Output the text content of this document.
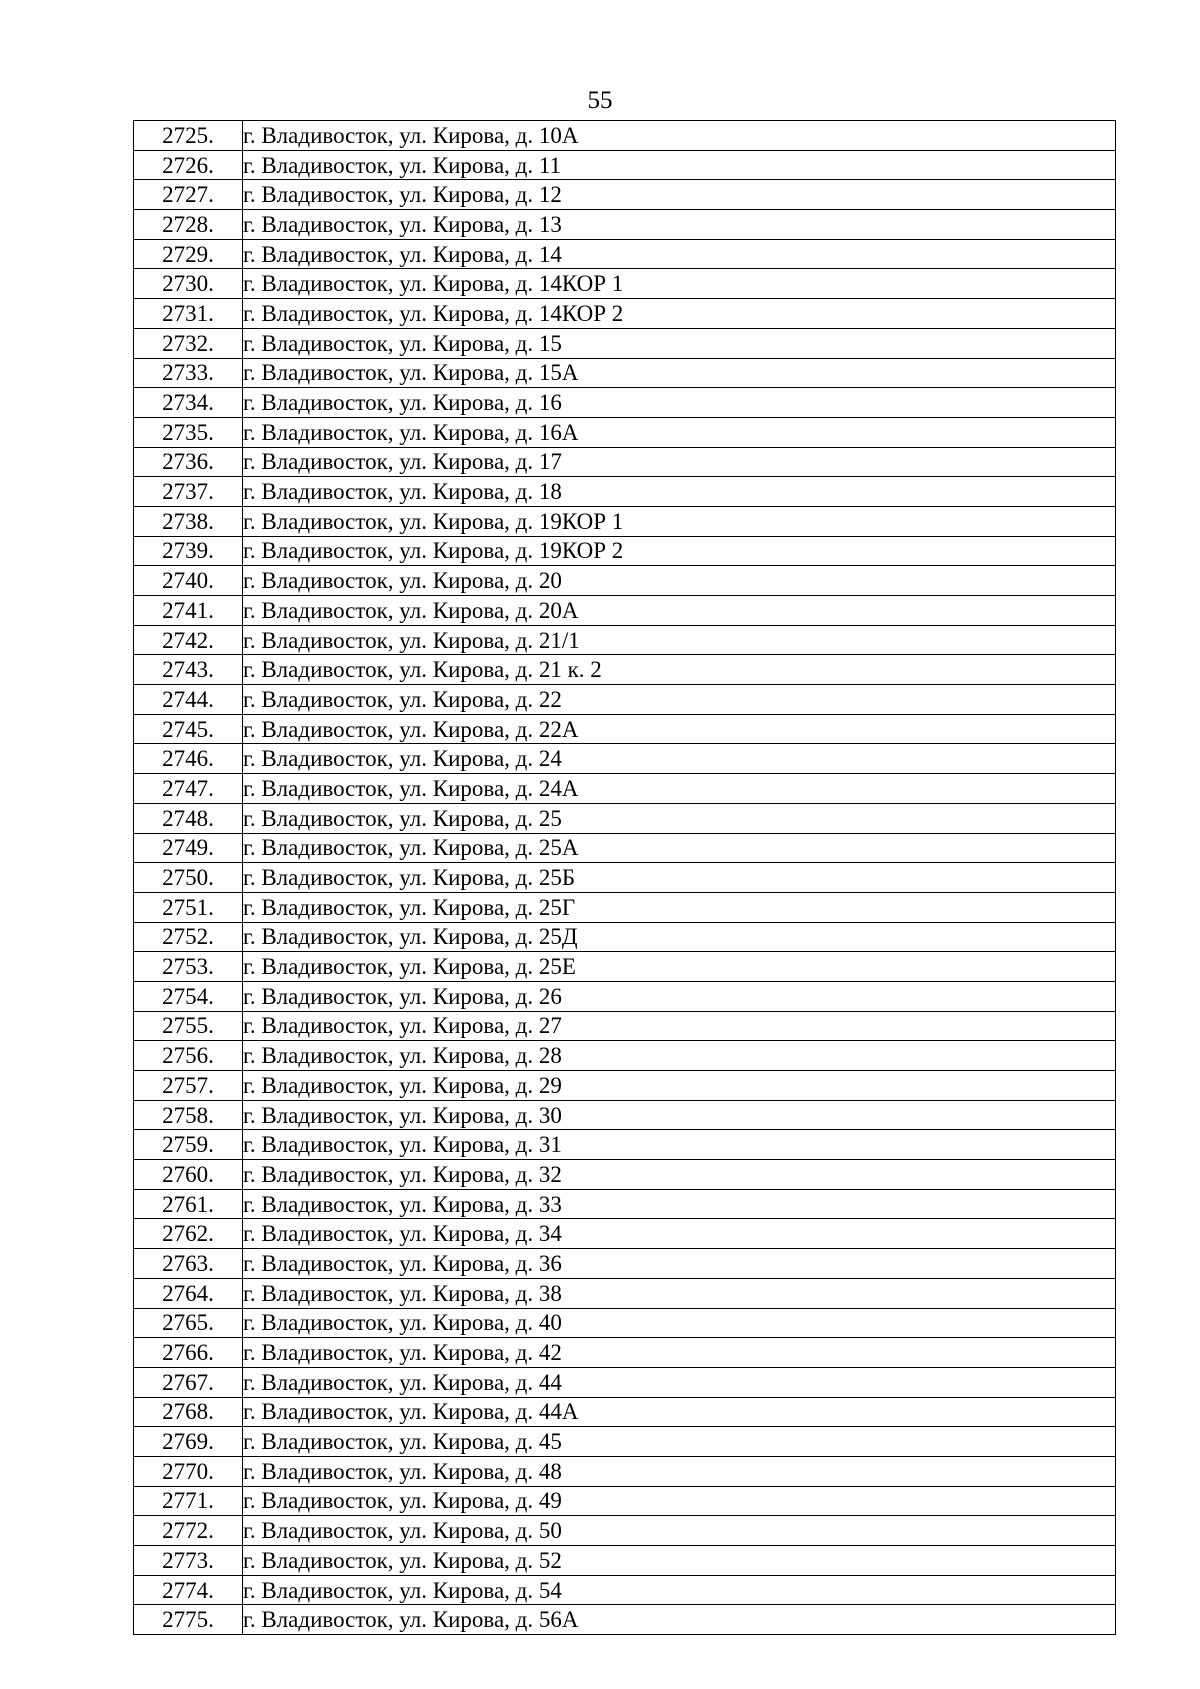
55
2725.	г. Владивосток, ул. Кирова, д. 10А
2726.	г. Владивосток, ул. Кирова, д. 11
2727.	г. Владивосток, ул. Кирова, д. 12
2728.	г. Владивосток, ул. Кирова, д. 13
2729.	г. Владивосток, ул. Кирова, д. 14
2730.	г. Владивосток, ул. Кирова, д. 14КОР 1
2731.	г. Владивосток, ул. Кирова, д. 14КОР 2
2732.	г. Владивосток, ул. Кирова, д. 15
2733.	г. Владивосток, ул. Кирова, д. 15А
2734.	г. Владивосток, ул. Кирова, д. 16
2735.	г. Владивосток, ул. Кирова, д. 16А
2736.	г. Владивосток, ул. Кирова, д. 17
2737.	г. Владивосток, ул. Кирова, д. 18
2738.	г. Владивосток, ул. Кирова, д. 19КОР 1
2739.	г. Владивосток, ул. Кирова, д. 19КОР 2
2740.	г. Владивосток, ул. Кирова, д. 20
2741.	г. Владивосток, ул. Кирова, д. 20А
2742.	г. Владивосток, ул. Кирова, д. 21/1
2743.	г. Владивосток, ул. Кирова, д. 21 к. 2
2744.	г. Владивосток, ул. Кирова, д. 22
2745.	г. Владивосток, ул. Кирова, д. 22А
2746.	г. Владивосток, ул. Кирова, д. 24
2747.	г. Владивосток, ул. Кирова, д. 24А
2748.	г. Владивосток, ул. Кирова, д. 25
2749.	г. Владивосток, ул. Кирова, д. 25А
2750.	г. Владивосток, ул. Кирова, д. 25Б
2751.	г. Владивосток, ул. Кирова, д. 25Г
2752.	г. Владивосток, ул. Кирова, д. 25Д
2753.	г. Владивосток, ул. Кирова, д. 25Е
2754.	г. Владивосток, ул. Кирова, д. 26
2755.	г. Владивосток, ул. Кирова, д. 27
2756.	г. Владивосток, ул. Кирова, д. 28
2757.	г. Владивосток, ул. Кирова, д. 29
2758.	г. Владивосток, ул. Кирова, д. 30
2759.	г. Владивосток, ул. Кирова, д. 31
2760.	г. Владивосток, ул. Кирова, д. 32
2761.	г. Владивосток, ул. Кирова, д. 33
2762.	г. Владивосток, ул. Кирова, д. 34
2763.	г. Владивосток, ул. Кирова, д. 36
2764.	г. Владивосток, ул. Кирова, д. 38
2765.	г. Владивосток, ул. Кирова, д. 40
2766.	г. Владивосток, ул. Кирова, д. 42
2767.	г. Владивосток, ул. Кирова, д. 44
2768.	г. Владивосток, ул. Кирова, д. 44А
2769.	г. Владивосток, ул. Кирова, д. 45
2770.	г. Владивосток, ул. Кирова, д. 48
2771.	г. Владивосток, ул. Кирова, д. 49
2772.	г. Владивосток, ул. Кирова, д. 50
2773.	г. Владивосток, ул. Кирова, д. 52
2774.	г. Владивосток, ул. Кирова, д. 54
2775.	г. Владивосток, ул. Кирова, д. 56А
